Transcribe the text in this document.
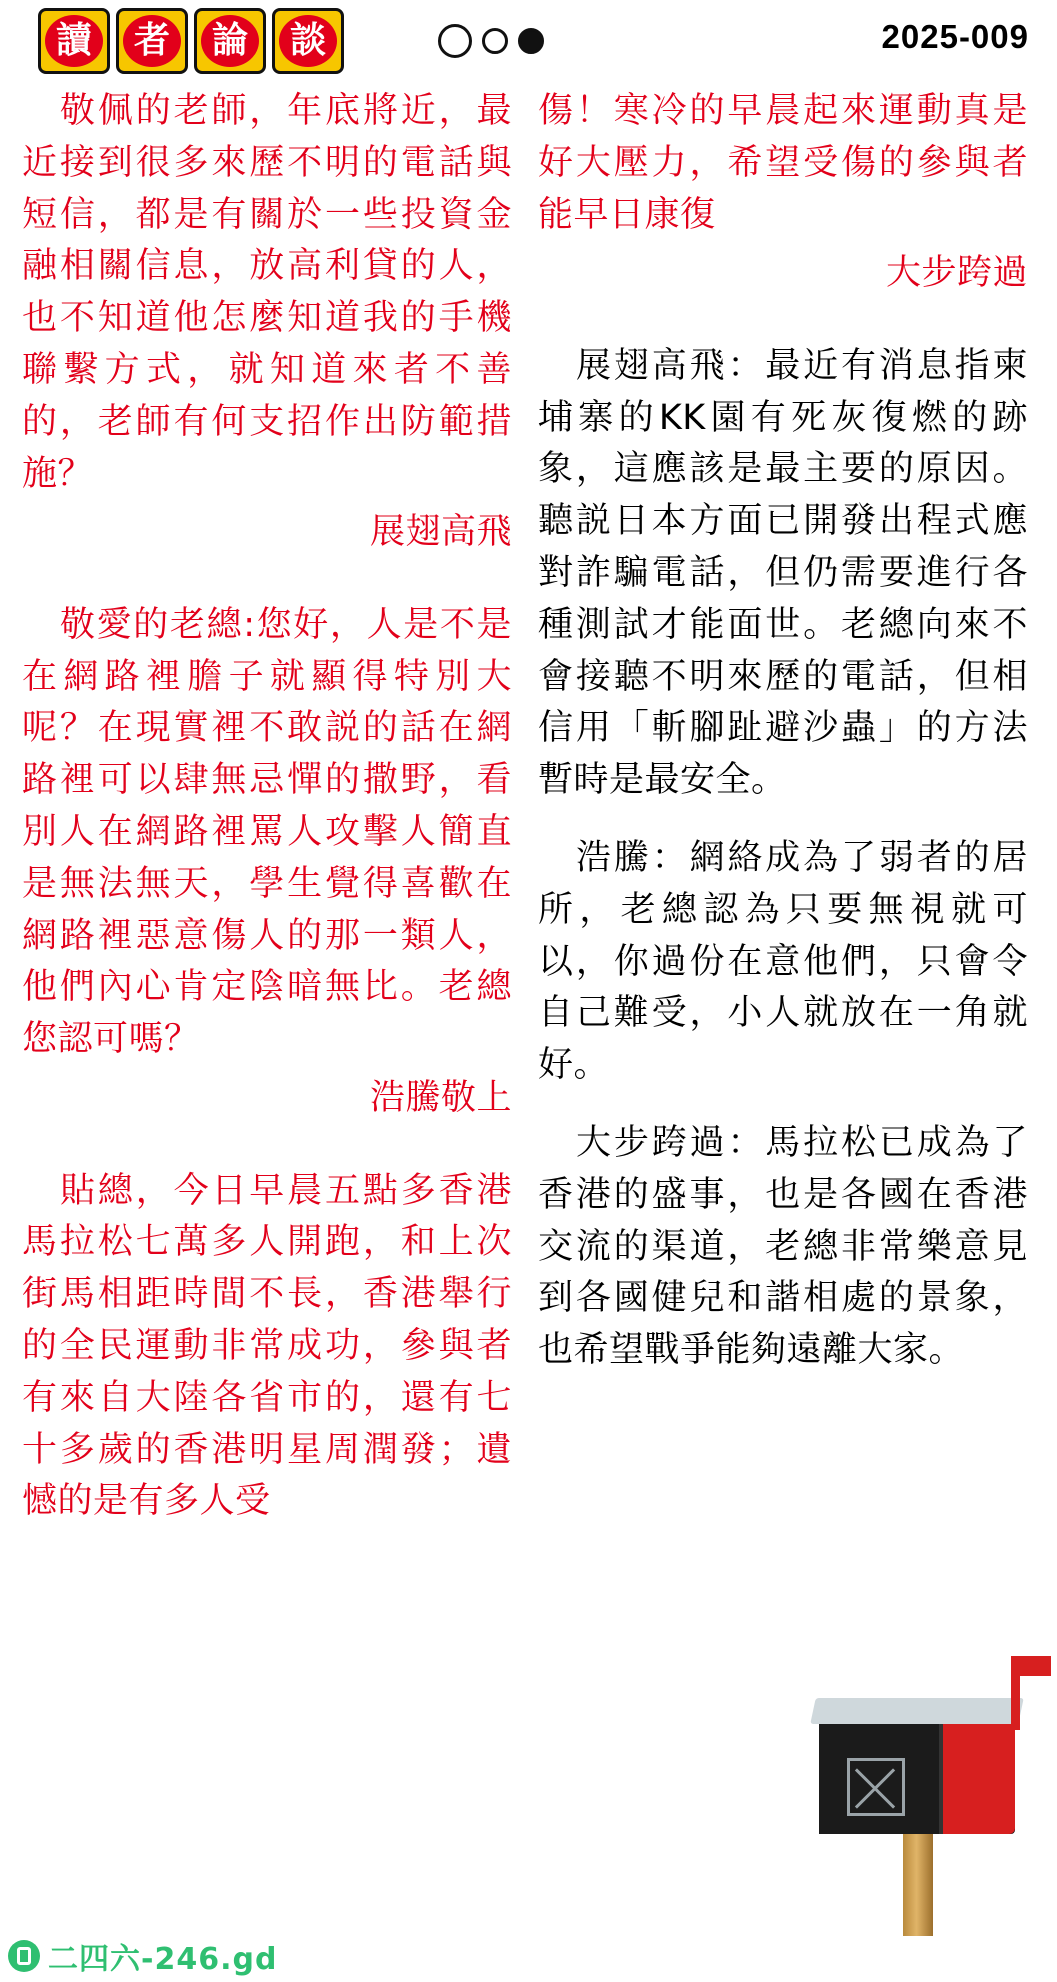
讀	者	論	談	2025-009

敬佩的老師，年底將近，最近接到很多來歷不明的電話與短信，都是有關於一些投資金融相關信息，放高利貸的人，也不知道他怎麼知道我的手機聯繫方式，就知道來者不善的，老師有何支招作出防範措施？

展翅高飛

敬愛的老總:您好，人是不是在網路裡膽子就顯得特別大呢？在現實裡不敢説的話在網路裡可以肆無忌憚的撒野，看別人在網路裡罵人攻擊人簡直是無法無天，學生覺得喜歡在網路裡惡意傷人的那一類人，他們內心肯定陰暗無比。老總您認可嗎？

浩騰敬上

貼總，今日早晨五點多香港馬拉松七萬多人開跑，和上次街馬相距時間不長，香港舉行的全民運動非常成功，參與者有來自大陸各省市的，還有七十多歲的香港明星周潤發；遺憾的是有多人受

傷！寒冷的早晨起來運動真是好大壓力，希望受傷的參與者能早日康復

大步跨過

展翅高飛：最近有消息指柬埔寨的KK園有死灰復燃的跡象，這應該是最主要的原因。聽説日本方面已開發出程式應對詐騙電話，但仍需要進行各種測試才能面世。老總向來不會接聽不明來歷的電話，但相信用「斬腳趾避沙蟲」的方法暫時是最安全。

浩騰：網絡成為了弱者的居所，老總認為只要無視就可以，你過份在意他們，只會令自己難受，小人就放在一角就好。

大步跨過：馬拉松已成為了香港的盛事，也是各國在香港交流的渠道，老總非常樂意見到各國健兒和諧相處的景象，也希望戰爭能夠遠離大家。

二四六-246.gd
